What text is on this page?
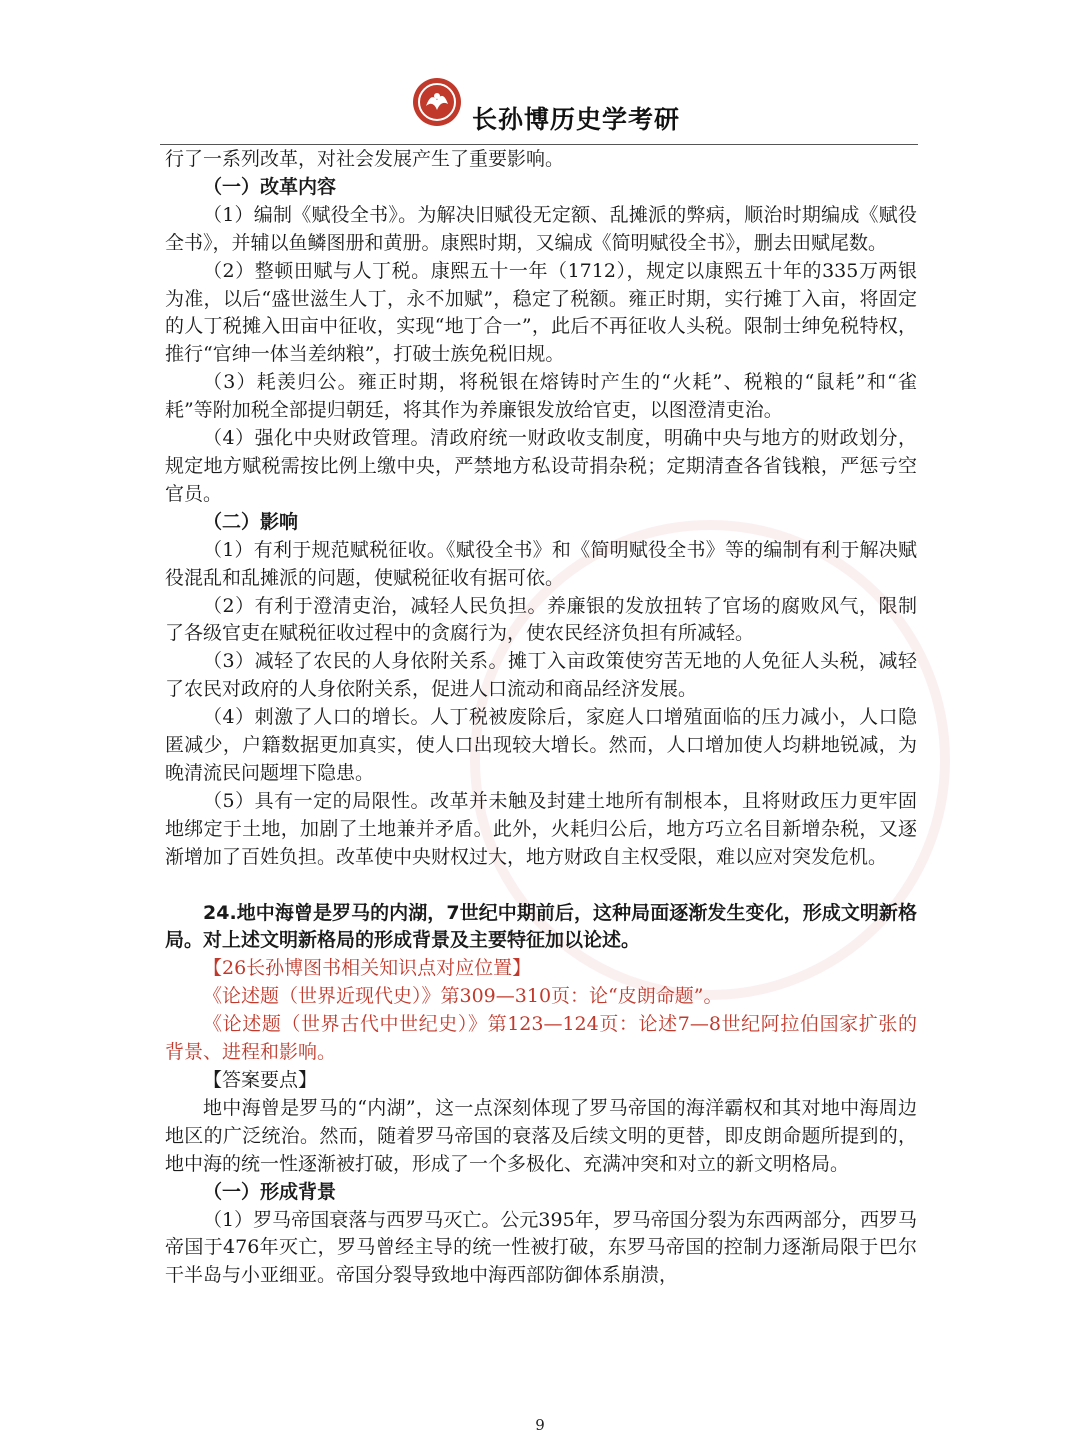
长孙博历史学考研

行了一系列改革，对社会发展产生了重要影响。

（一）改革内容

（1）编制《赋役全书》。为解决旧赋役无定额、乱摊派的弊病，顺治时期编成《赋役全书》，并辅以鱼鳞图册和黄册。康熙时期，又编成《简明赋役全书》，删去田赋尾数。

（2）整顿田赋与人丁税。康熙五十一年（1712），规定以康熙五十年的335万两银为准，以后“盛世滋生人丁，永不加赋”，稳定了税额。雍正时期，实行摊丁入亩，将固定的人丁税摊入田亩中征收，实现“地丁合一”，此后不再征收人头税。限制士绅免税特权，推行“官绅一体当差纳粮”，打破士族免税旧规。

（3）耗羡归公。雍正时期，将税银在熔铸时产生的“火耗”、税粮的“鼠耗”和“雀耗”等附加税全部提归朝廷，将其作为养廉银发放给官吏，以图澄清吏治。

（4）强化中央财政管理。清政府统一财政收支制度，明确中央与地方的财政划分，规定地方赋税需按比例上缴中央，严禁地方私设苛捐杂税；定期清查各省钱粮，严惩亏空官员。

（二）影响

（1）有利于规范赋税征收。《赋役全书》和《简明赋役全书》等的编制有利于解决赋役混乱和乱摊派的问题，使赋税征收有据可依。

（2）有利于澄清吏治，减轻人民负担。养廉银的发放扭转了官场的腐败风气，限制了各级官吏在赋税征收过程中的贪腐行为，使农民经济负担有所减轻。

（3）减轻了农民的人身依附关系。摊丁入亩政策使穷苦无地的人免征人头税，减轻了农民对政府的人身依附关系，促进人口流动和商品经济发展。

（4）刺激了人口的增长。人丁税被废除后，家庭人口增殖面临的压力减小，人口隐匿减少，户籍数据更加真实，使人口出现较大增长。然而，人口增加使人均耕地锐减，为晚清流民问题埋下隐患。

（5）具有一定的局限性。改革并未触及封建土地所有制根本，且将财政压力更牢固地绑定于土地，加剧了土地兼并矛盾。此外，火耗归公后，地方巧立名目新增杂税，又逐渐增加了百姓负担。改革使中央财权过大，地方财政自主权受限，难以应对突发危机。

24.地中海曾是罗马的内湖，7世纪中期前后，这种局面逐渐发生变化，形成文明新格局。对上述文明新格局的形成背景及主要特征加以论述。

【26长孙博图书相关知识点对应位置】

《论述题（世界近现代史）》第309—310页：论“皮朗命题”。

《论述题（世界古代中世纪史）》第123—124页：论述7—8世纪阿拉伯国家扩张的背景、进程和影响。

【答案要点】

地中海曾是罗马的“内湖”，这一点深刻体现了罗马帝国的海洋霸权和其对地中海周边地区的广泛统治。然而，随着罗马帝国的衰落及后续文明的更替，即皮朗命题所提到的，地中海的统一性逐渐被打破，形成了一个多极化、充满冲突和对立的新文明格局。

（一）形成背景

（1）罗马帝国衰落与西罗马灭亡。公元395年，罗马帝国分裂为东西两部分，西罗马帝国于476年灭亡，罗马曾经主导的统一性被打破，东罗马帝国的控制力逐渐局限于巴尔干半岛与小亚细亚。帝国分裂导致地中海西部防御体系崩溃，

9
